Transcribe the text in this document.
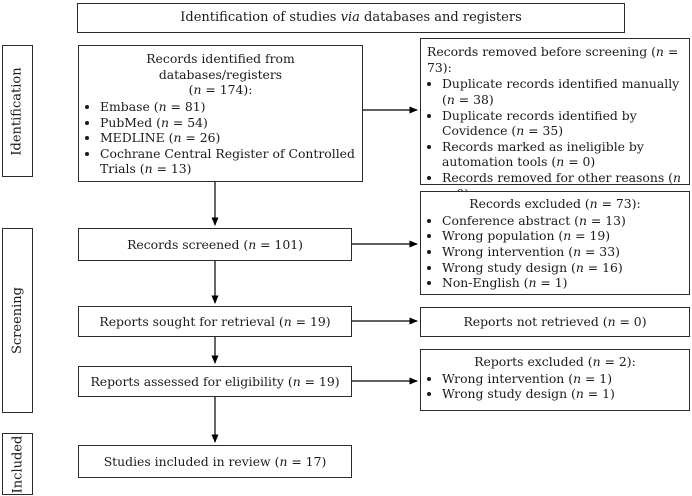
Identification of studies via databases and registers
Identification
Screening
Included
Records identified from databases/registers
(n = 174):
• Embase (n = 81)
• PubMed (n = 54)
• MEDLINE (n = 26)
• Cochrane Central Register of Controlled Trials (n = 13)
Records removed before screening (n = 73):
• Duplicate records identified manually (n = 38)
• Duplicate records identified by Covidence (n = 35)
• Records marked as ineligible by automation tools (n = 0)
• Records removed for other reasons (n
Records screened (n = 101)
Records excluded (n = 73):
• Conference abstract (n = 13)
• Wrong population (n = 19)
• Wrong intervention (n = 33)
• Wrong study design (n = 16)
• Non-English (n = 1)
Reports sought for retrieval (n = 19)	Reports not retrieved (n = 0)
Reports assessed for eligibility (n = 19)
Reports excluded (n = 2):
• Wrong intervention (n = 1)
• Wrong study design (n = 1)
Studies included in review (n = 17)
